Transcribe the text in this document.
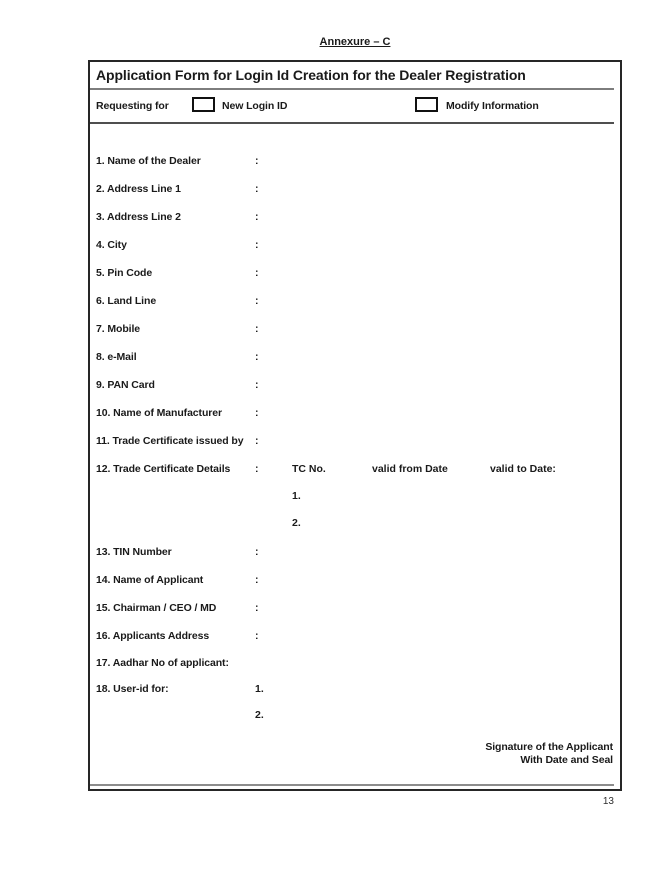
Annexure – C
Application Form for Login Id Creation for the Dealer Registration
Requesting for	New Login ID	Modify Information
1. Name of the Dealer	:
2. Address Line 1	:
3. Address Line 2	:
4. City	:
5. Pin Code	:
6. Land Line	:
7. Mobile	:
8. e-Mail	:
9. PAN Card	:
10. Name of Manufacturer	:
11. Trade Certificate issued by :
12. Trade Certificate Details :	TC No.	valid from Date	valid to Date:
1.
2.
13. TIN Number	:
14. Name of Applicant	:
15. Chairman / CEO / MD	:
16. Applicants Address	:
17. Aadhar No of applicant:
18. User-id for:	1.
2.
Signature of the Applicant
With Date and Seal
13
